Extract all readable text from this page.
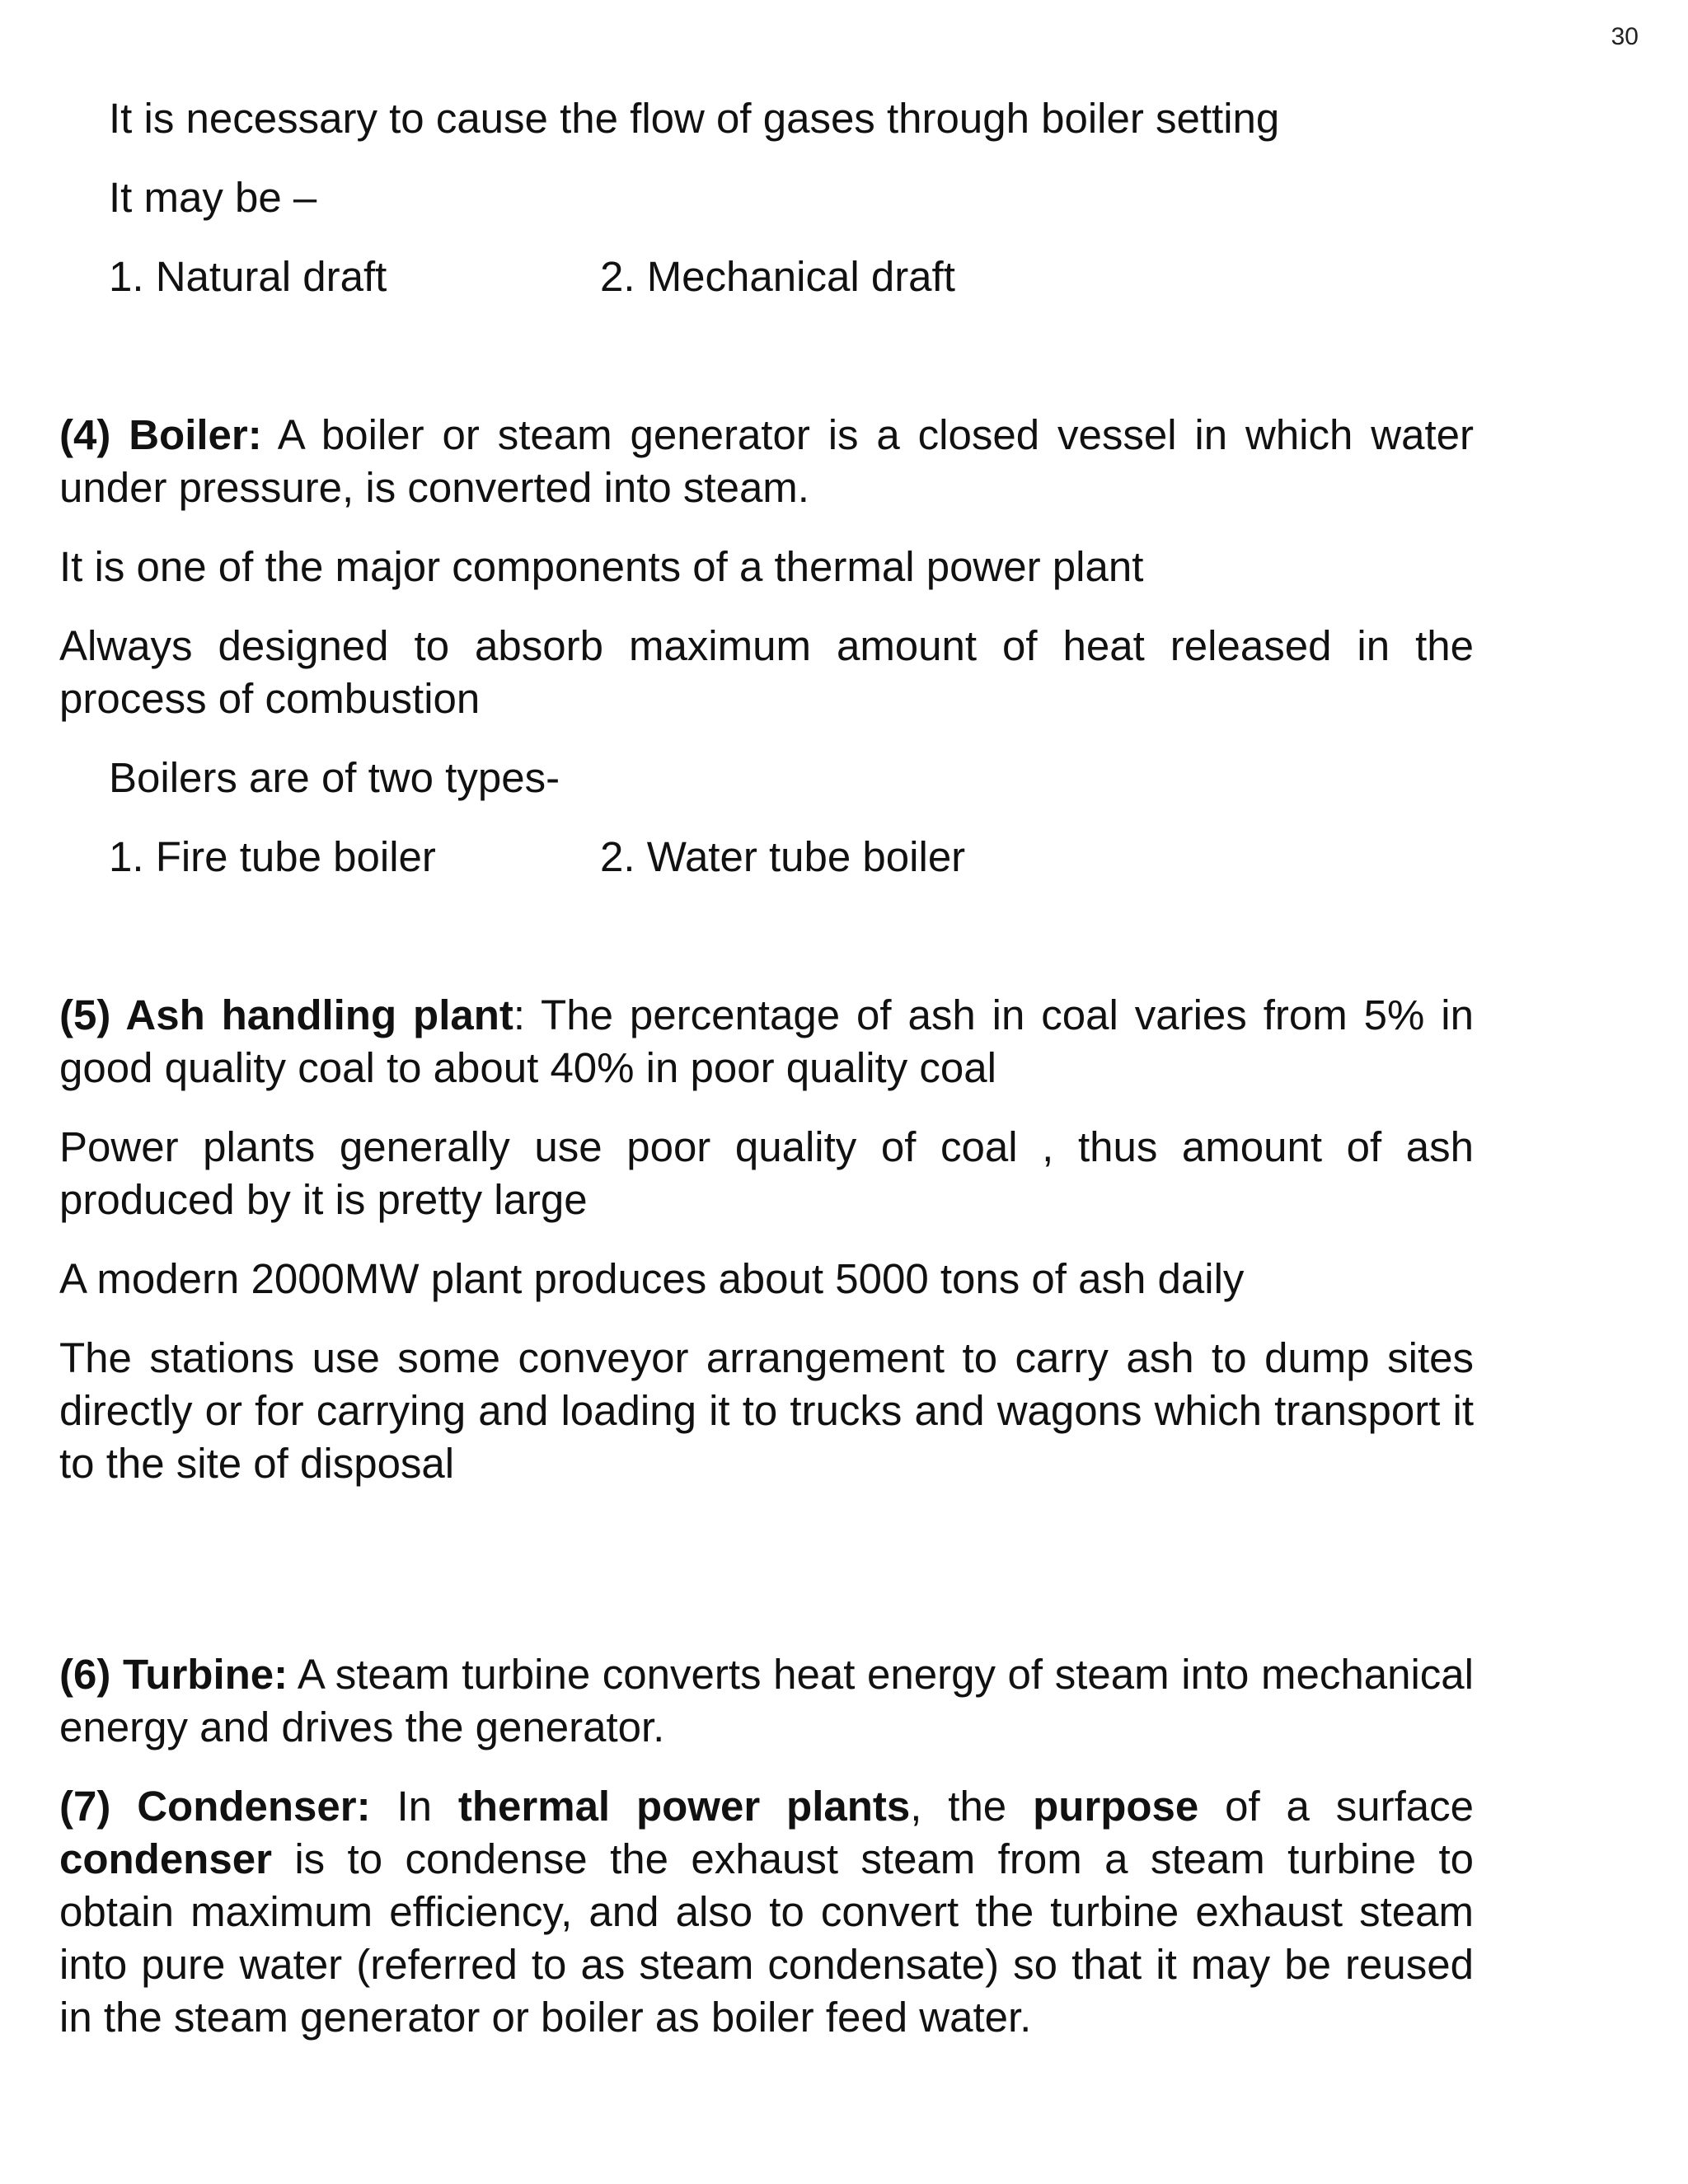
30

It is necessary to cause the flow of gases through boiler setting

It may be –

1. Natural draft	2. Mechanical draft

(4) Boiler: A boiler or steam generator is a closed vessel in which water under pressure, is converted into steam.

It is one of the major components of a thermal power plant

Always designed to absorb maximum amount of heat released in the process of combustion

Boilers are of two types-

1. Fire tube boiler	2. Water tube boiler

(5) Ash handling plant: The percentage of ash in coal varies from 5% in good quality coal to about 40% in poor quality coal

Power plants generally use poor quality of coal , thus amount of ash produced by it is pretty large

A modern 2000MW plant produces about 5000 tons of ash daily

The stations use some conveyor arrangement to carry ash to dump sites directly or for carrying and loading it to trucks and wagons which transport it to the site of disposal

(6) Turbine: A steam turbine converts heat energy of steam into mechanical energy and drives the generator.

(7) Condenser: In thermal power plants, the purpose of a surface condenser is to condense the exhaust steam from a steam turbine to obtain maximum efficiency, and also to convert the turbine exhaust steam into pure water (referred to as steam condensate) so that it may be reused in the steam generator or boiler as boiler feed water.
